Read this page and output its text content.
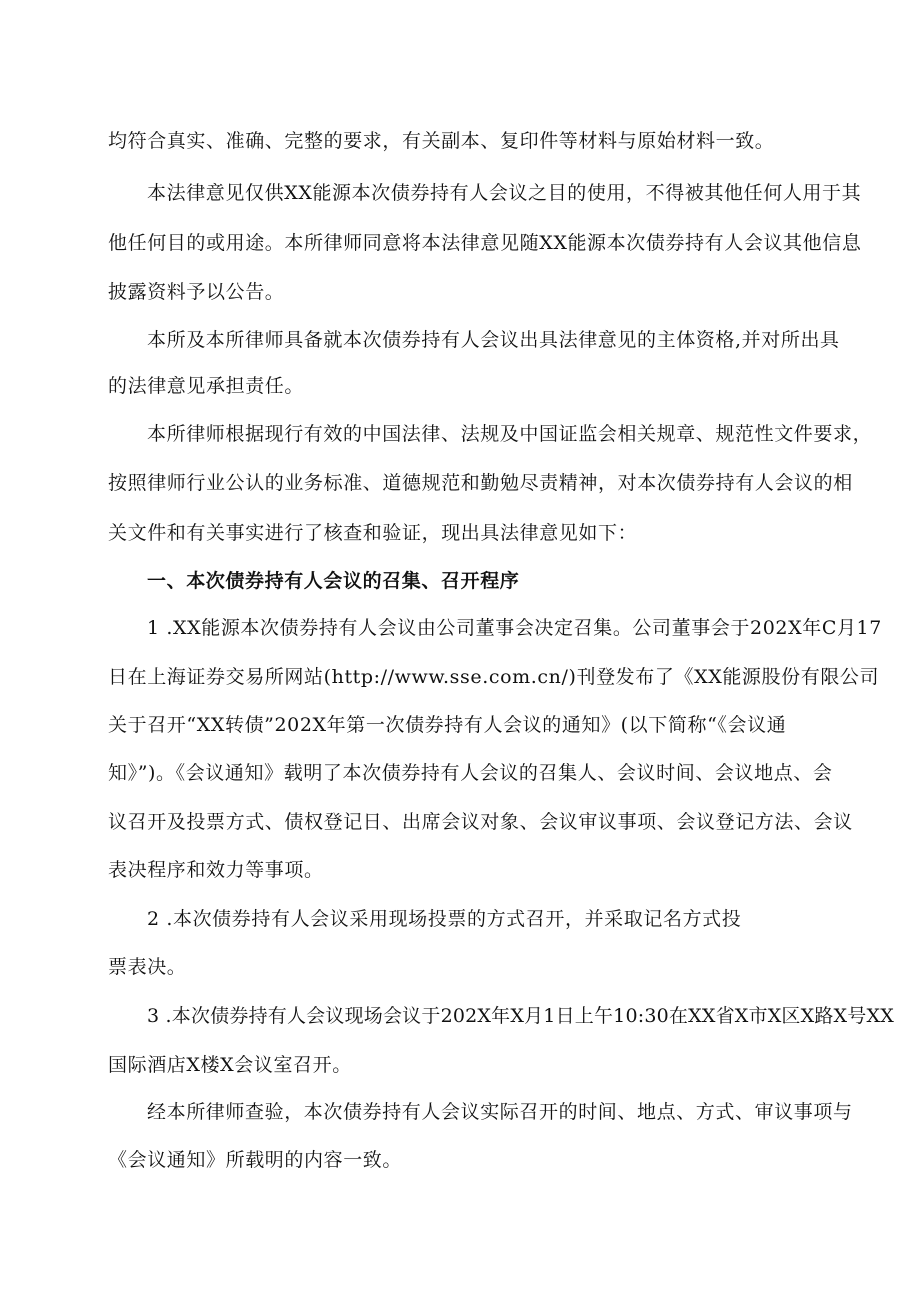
均符合真实、准确、完整的要求，有关副本、复印件等材料与原始材料一致。
本法律意见仅供XX能源本次债券持有人会议之目的使用，不得被其他任何人用于其
他任何目的或用途。本所律师同意将本法律意见随XX能源本次债券持有人会议其他信息
披露资料予以公告。
本所及本所律师具备就本次债券持有人会议出具法律意见的主体资格,并对所出具
的法律意见承担责任。
本所律师根据现行有效的中国法律、法规及中国证监会相关规章、规范性文件要求，
按照律师行业公认的业务标准、道德规范和勤勉尽责精神，对本次债券持有人会议的相
关文件和有关事实进行了核查和验证，现出具法律意见如下：
一、本次债券持有人会议的召集、召开程序
1 .XX能源本次债券持有人会议由公司董事会决定召集。公司董事会于202X年C月17
日在上海证券交易所网站(http://www.sse.com.cn/)刊登发布了《XX能源股份有限公司
关于召开“XX转债”202X年第一次债券持有人会议的通知》(以下简称“《会议通
知》”)。《会议通知》载明了本次债券持有人会议的召集人、会议时间、会议地点、会
议召开及投票方式、债权登记日、出席会议对象、会议审议事项、会议登记方法、会议
表决程序和效力等事项。
2 .本次债券持有人会议采用现场投票的方式召开，并采取记名方式投
票表决。
3 .本次债券持有人会议现场会议于202X年X月1日上午10:30在XX省X市X区X路X号XX
国际酒店X楼X会议室召开。
经本所律师查验，本次债券持有人会议实际召开的时间、地点、方式、审议事项与
《会议通知》所载明的内容一致。
